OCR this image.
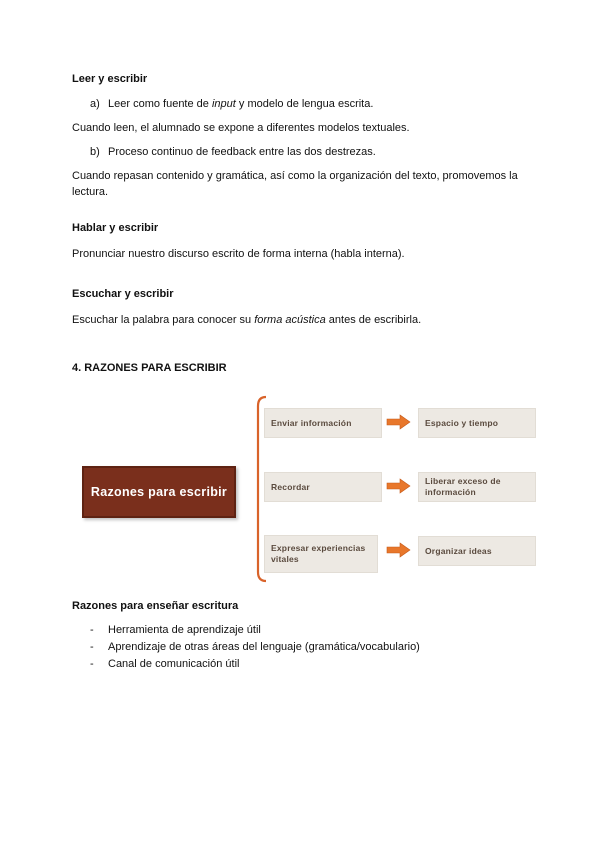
Leer y escribir
a) Leer como fuente de input y modelo de lengua escrita.
Cuando leen, el alumnado se expone a diferentes modelos textuales.
b) Proceso continuo de feedback entre las dos destrezas.
Cuando repasan contenido y gramática, así como la organización del texto, promovemos la
lectura.
Hablar y escribir
Pronunciar nuestro discurso escrito de forma interna (habla interna).
Escuchar y escribir
Escuchar la palabra para conocer su forma acústica antes de escribirla.
4. RAZONES PARA ESCRIBIR
Razones para escribir
Enviar información
Recordar
Expresar experiencias
vitales
Espacio y tiempo
Liberar exceso de
información
Organizar ideas
Razones para enseñar escritura
- Herramienta de aprendizaje útil
- Aprendizaje de otras áreas del lenguaje (gramática/vocabulario)
- Canal de comunicación útil
